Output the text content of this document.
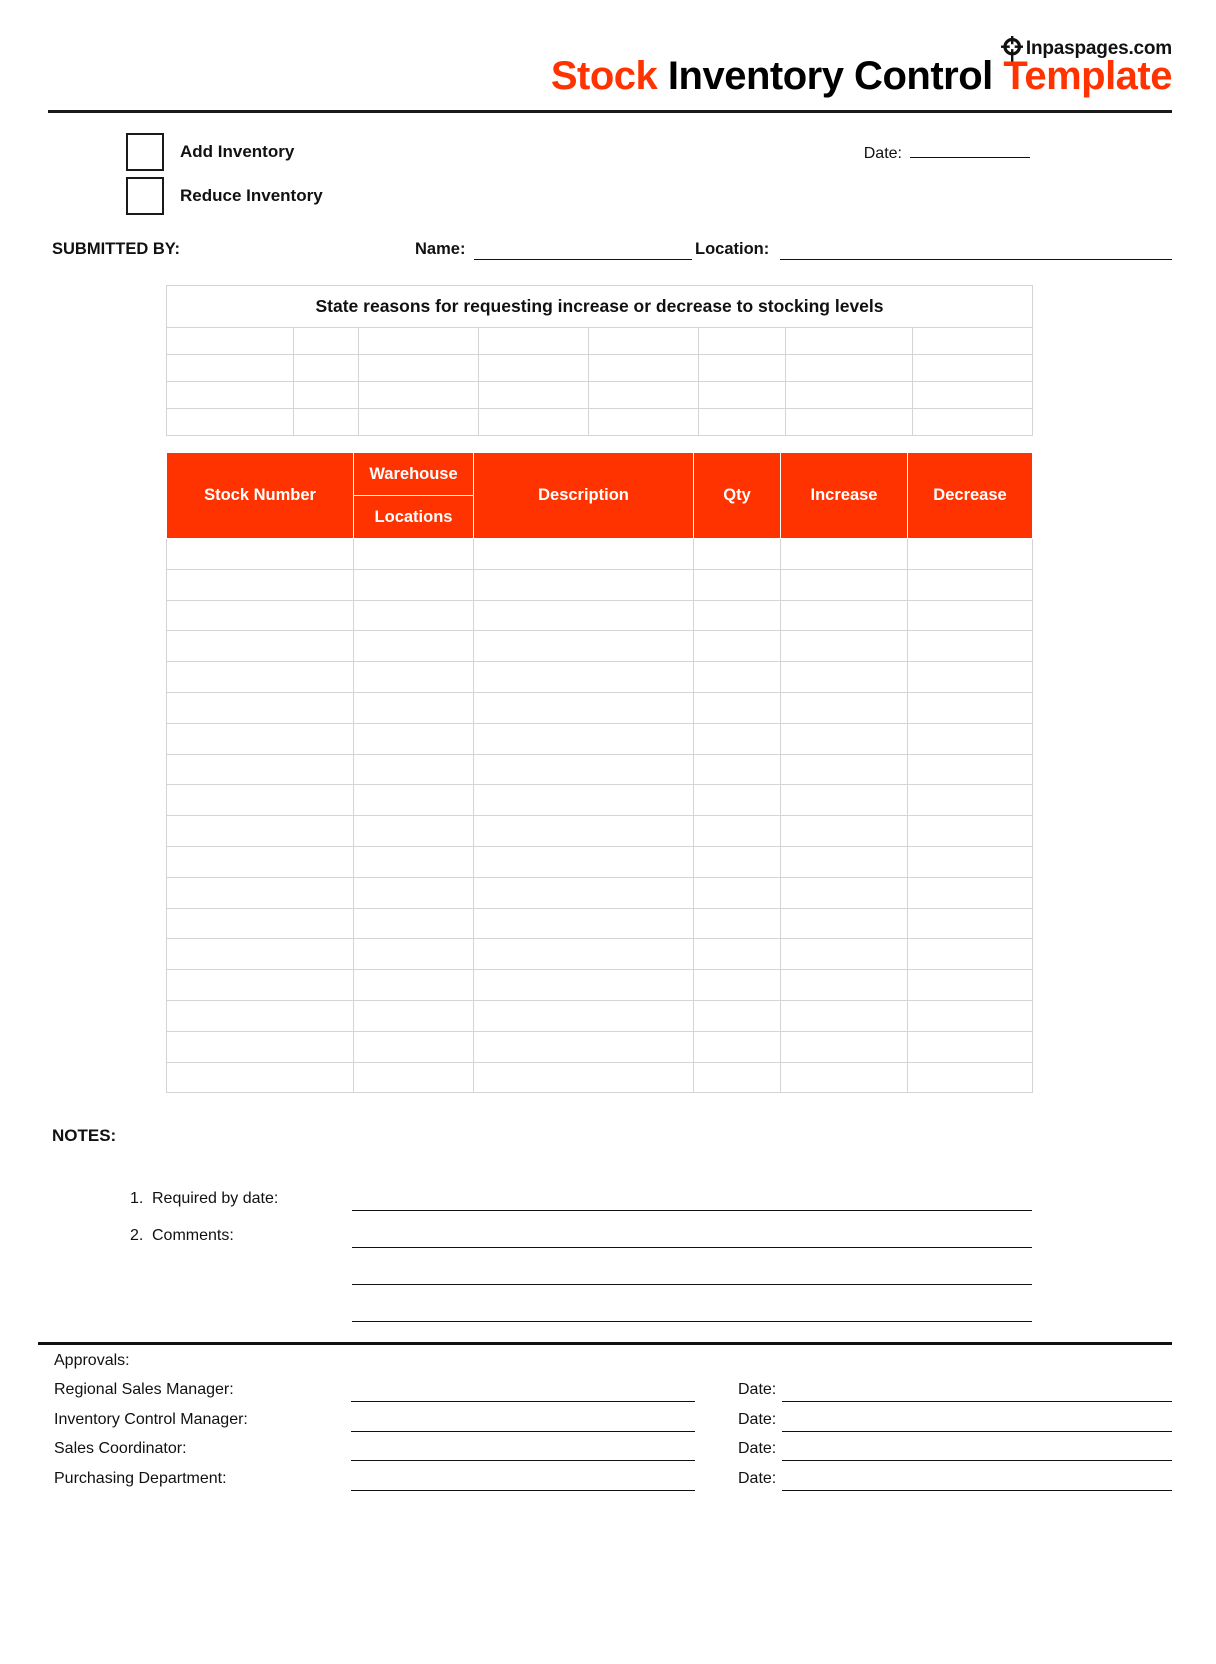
Inpaspages.com
Stock Inventory Control Template
Add Inventory
Reduce Inventory
Date:
SUBMITTED BY:	Name:	Location:
State reasons for requesting increase or decrease to stocking levels							

Stock Number	Warehouse	Description	Qty	Increase	Decrease
	Locations				

NOTES:
1. Required by date:
2. Comments:
Approvals:
Regional Sales Manager:	Date:
Inventory Control Manager:	Date:
Sales Coordinator:	Date:
Purchasing Department:	Date:
